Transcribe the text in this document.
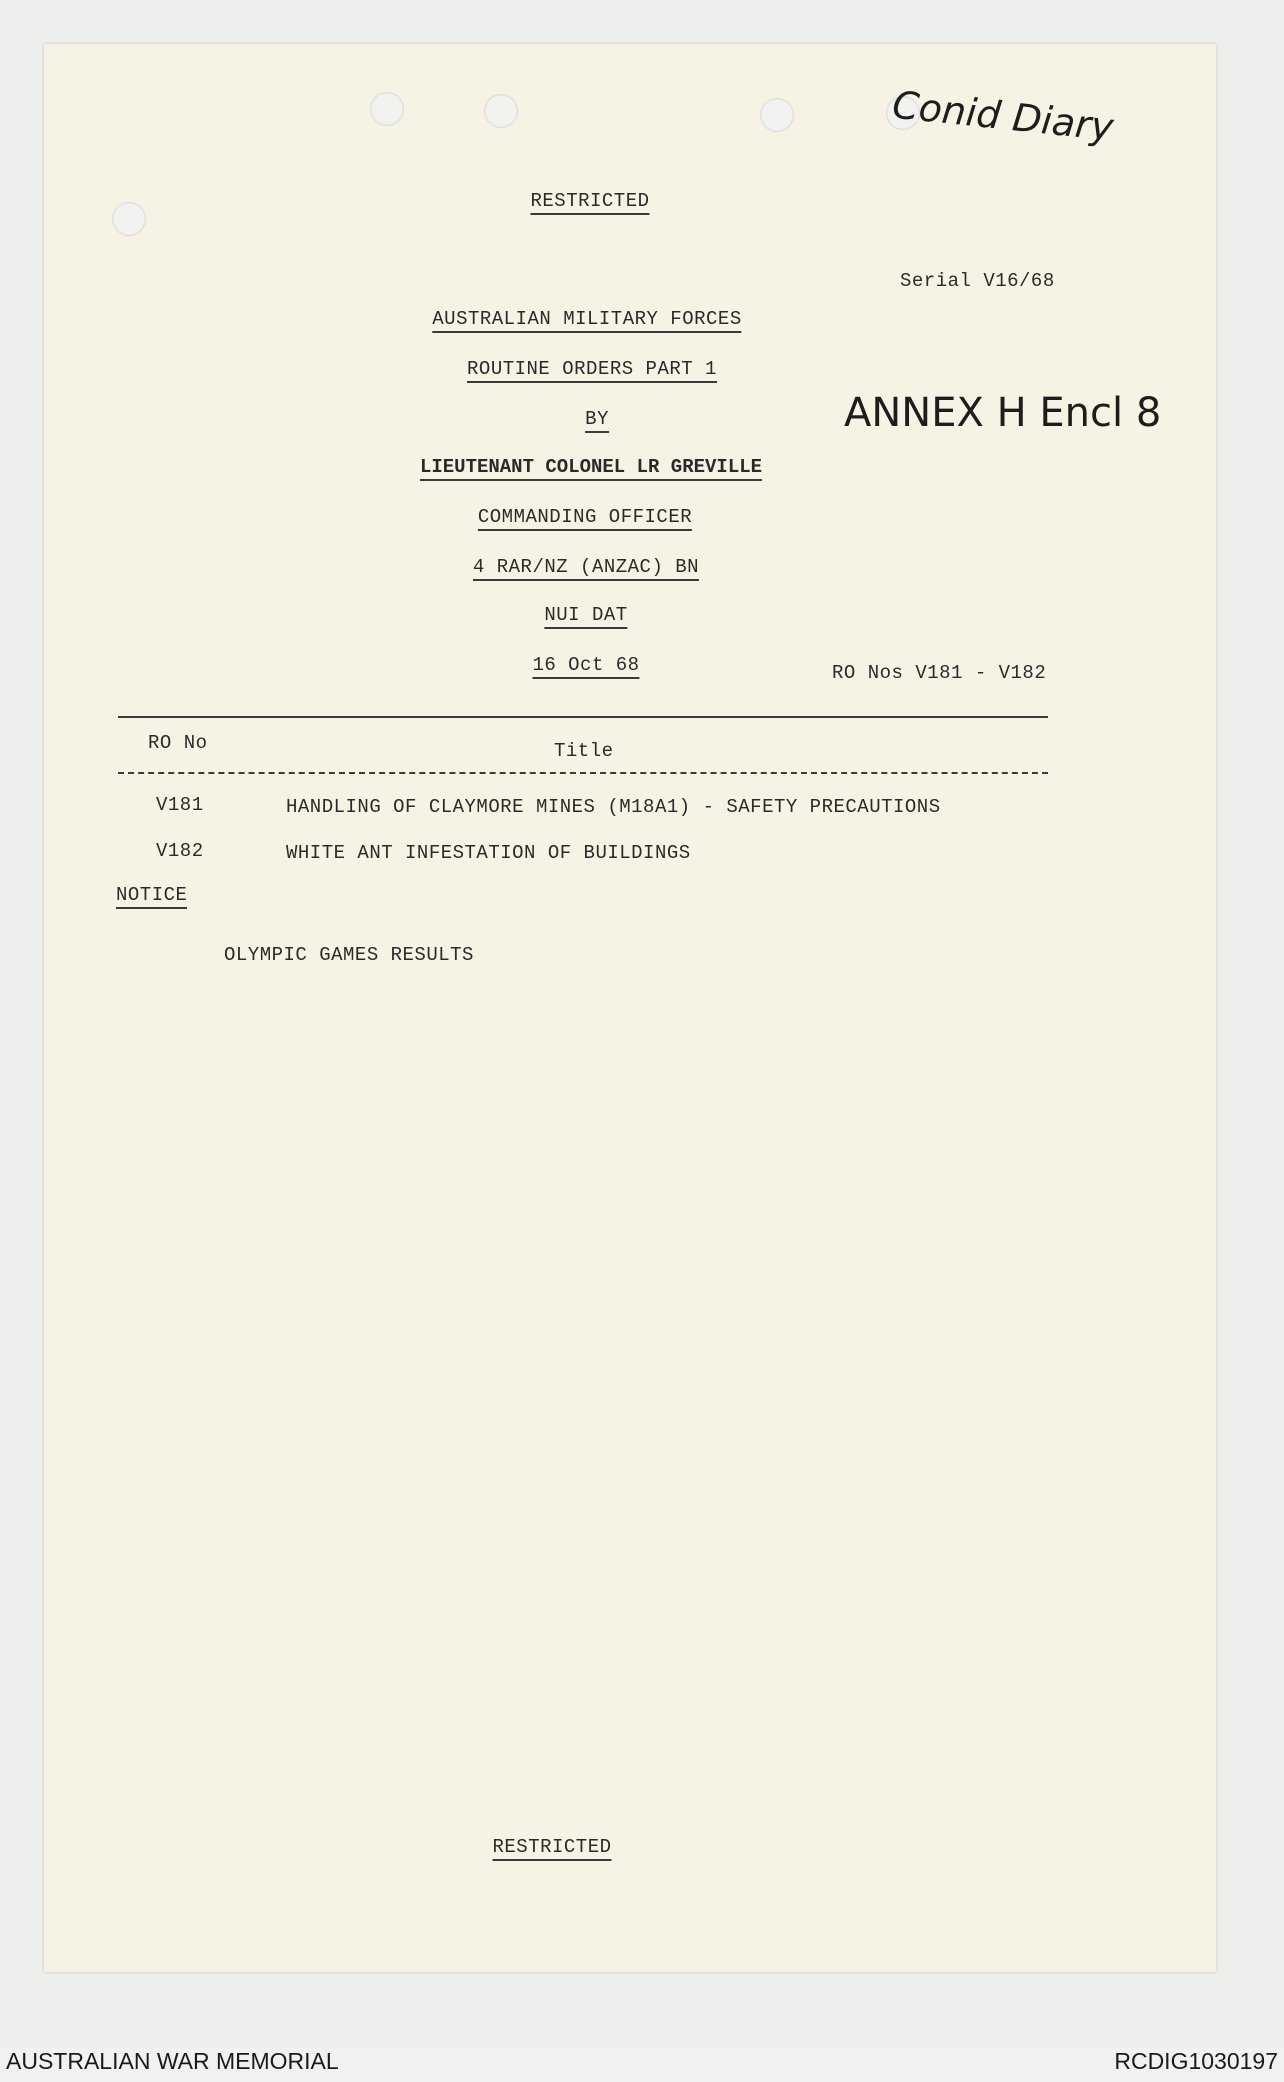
Conid Diary
ANNEX H Encl 8
RESTRICTED
Serial V16/68
AUSTRALIAN MILITARY FORCES
ROUTINE ORDERS PART 1
BY
LIEUTENANT COLONEL LR GREVILLE
COMMANDING OFFICER
4 RAR/NZ (ANZAC) BN
NUI DAT
16 Oct 68	RO Nos V181 - V182
RO No	Title
V181	HANDLING OF CLAYMORE MINES (M18A1) - SAFETY PRECAUTIONS
V182	WHITE ANT INFESTATION OF BUILDINGS
NOTICE
OLYMPIC GAMES RESULTS
RESTRICTED
AUSTRALIAN WAR MEMORIAL	RCDIG1030197
